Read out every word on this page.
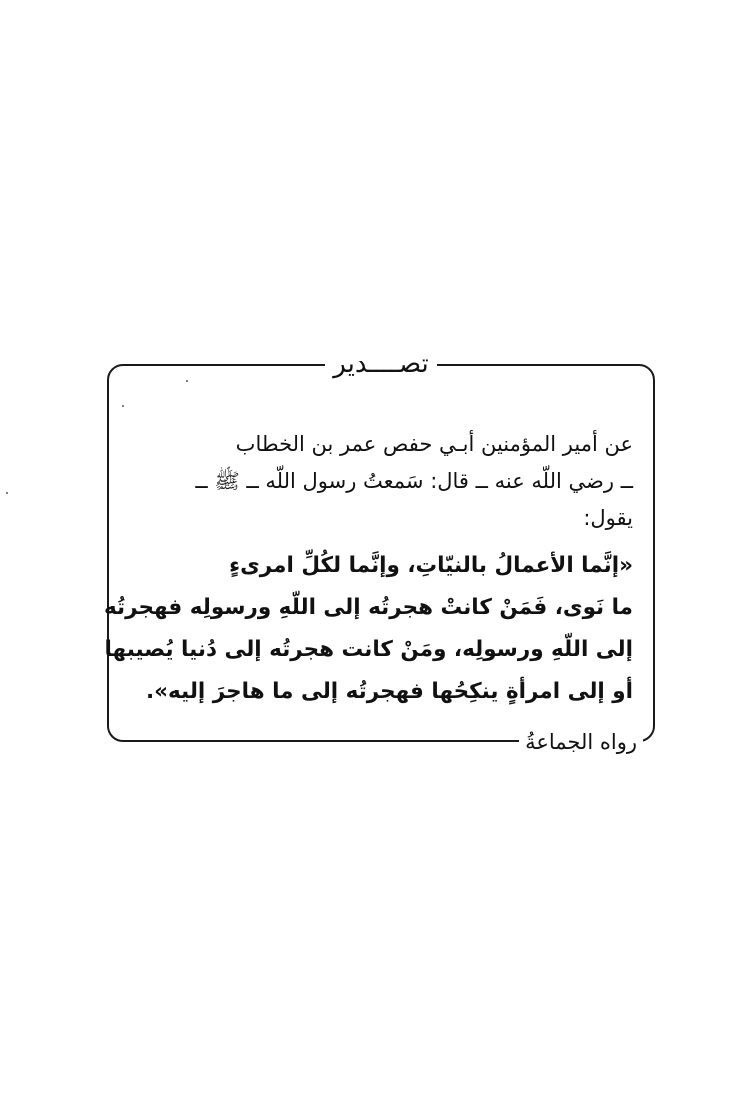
تصــــدير

عن أمير المؤمنين أبـي حفص عمر بن الخطاب

ــ رضي اللّه عنه ــ قال: سَمعتُ رسول اللّه ــ ﷺ ــ

يقول:

«إنَّما الأعمالُ بالنيّاتِ، وإنَّما لكُلِّ امرىءٍ

ما نَوى، فَمَنْ كانتْ هجرتُه إلى اللّهِ ورسولِه فهجرتُه

إلى اللّهِ ورسولِه، ومَنْ كانت هجرتُه إلى دُنيا يُصيبها

أو إلى امرأةٍ ينكِحُها فهجرتُه إلى ما هاجرَ إليه».

رواه الجماعةُ
